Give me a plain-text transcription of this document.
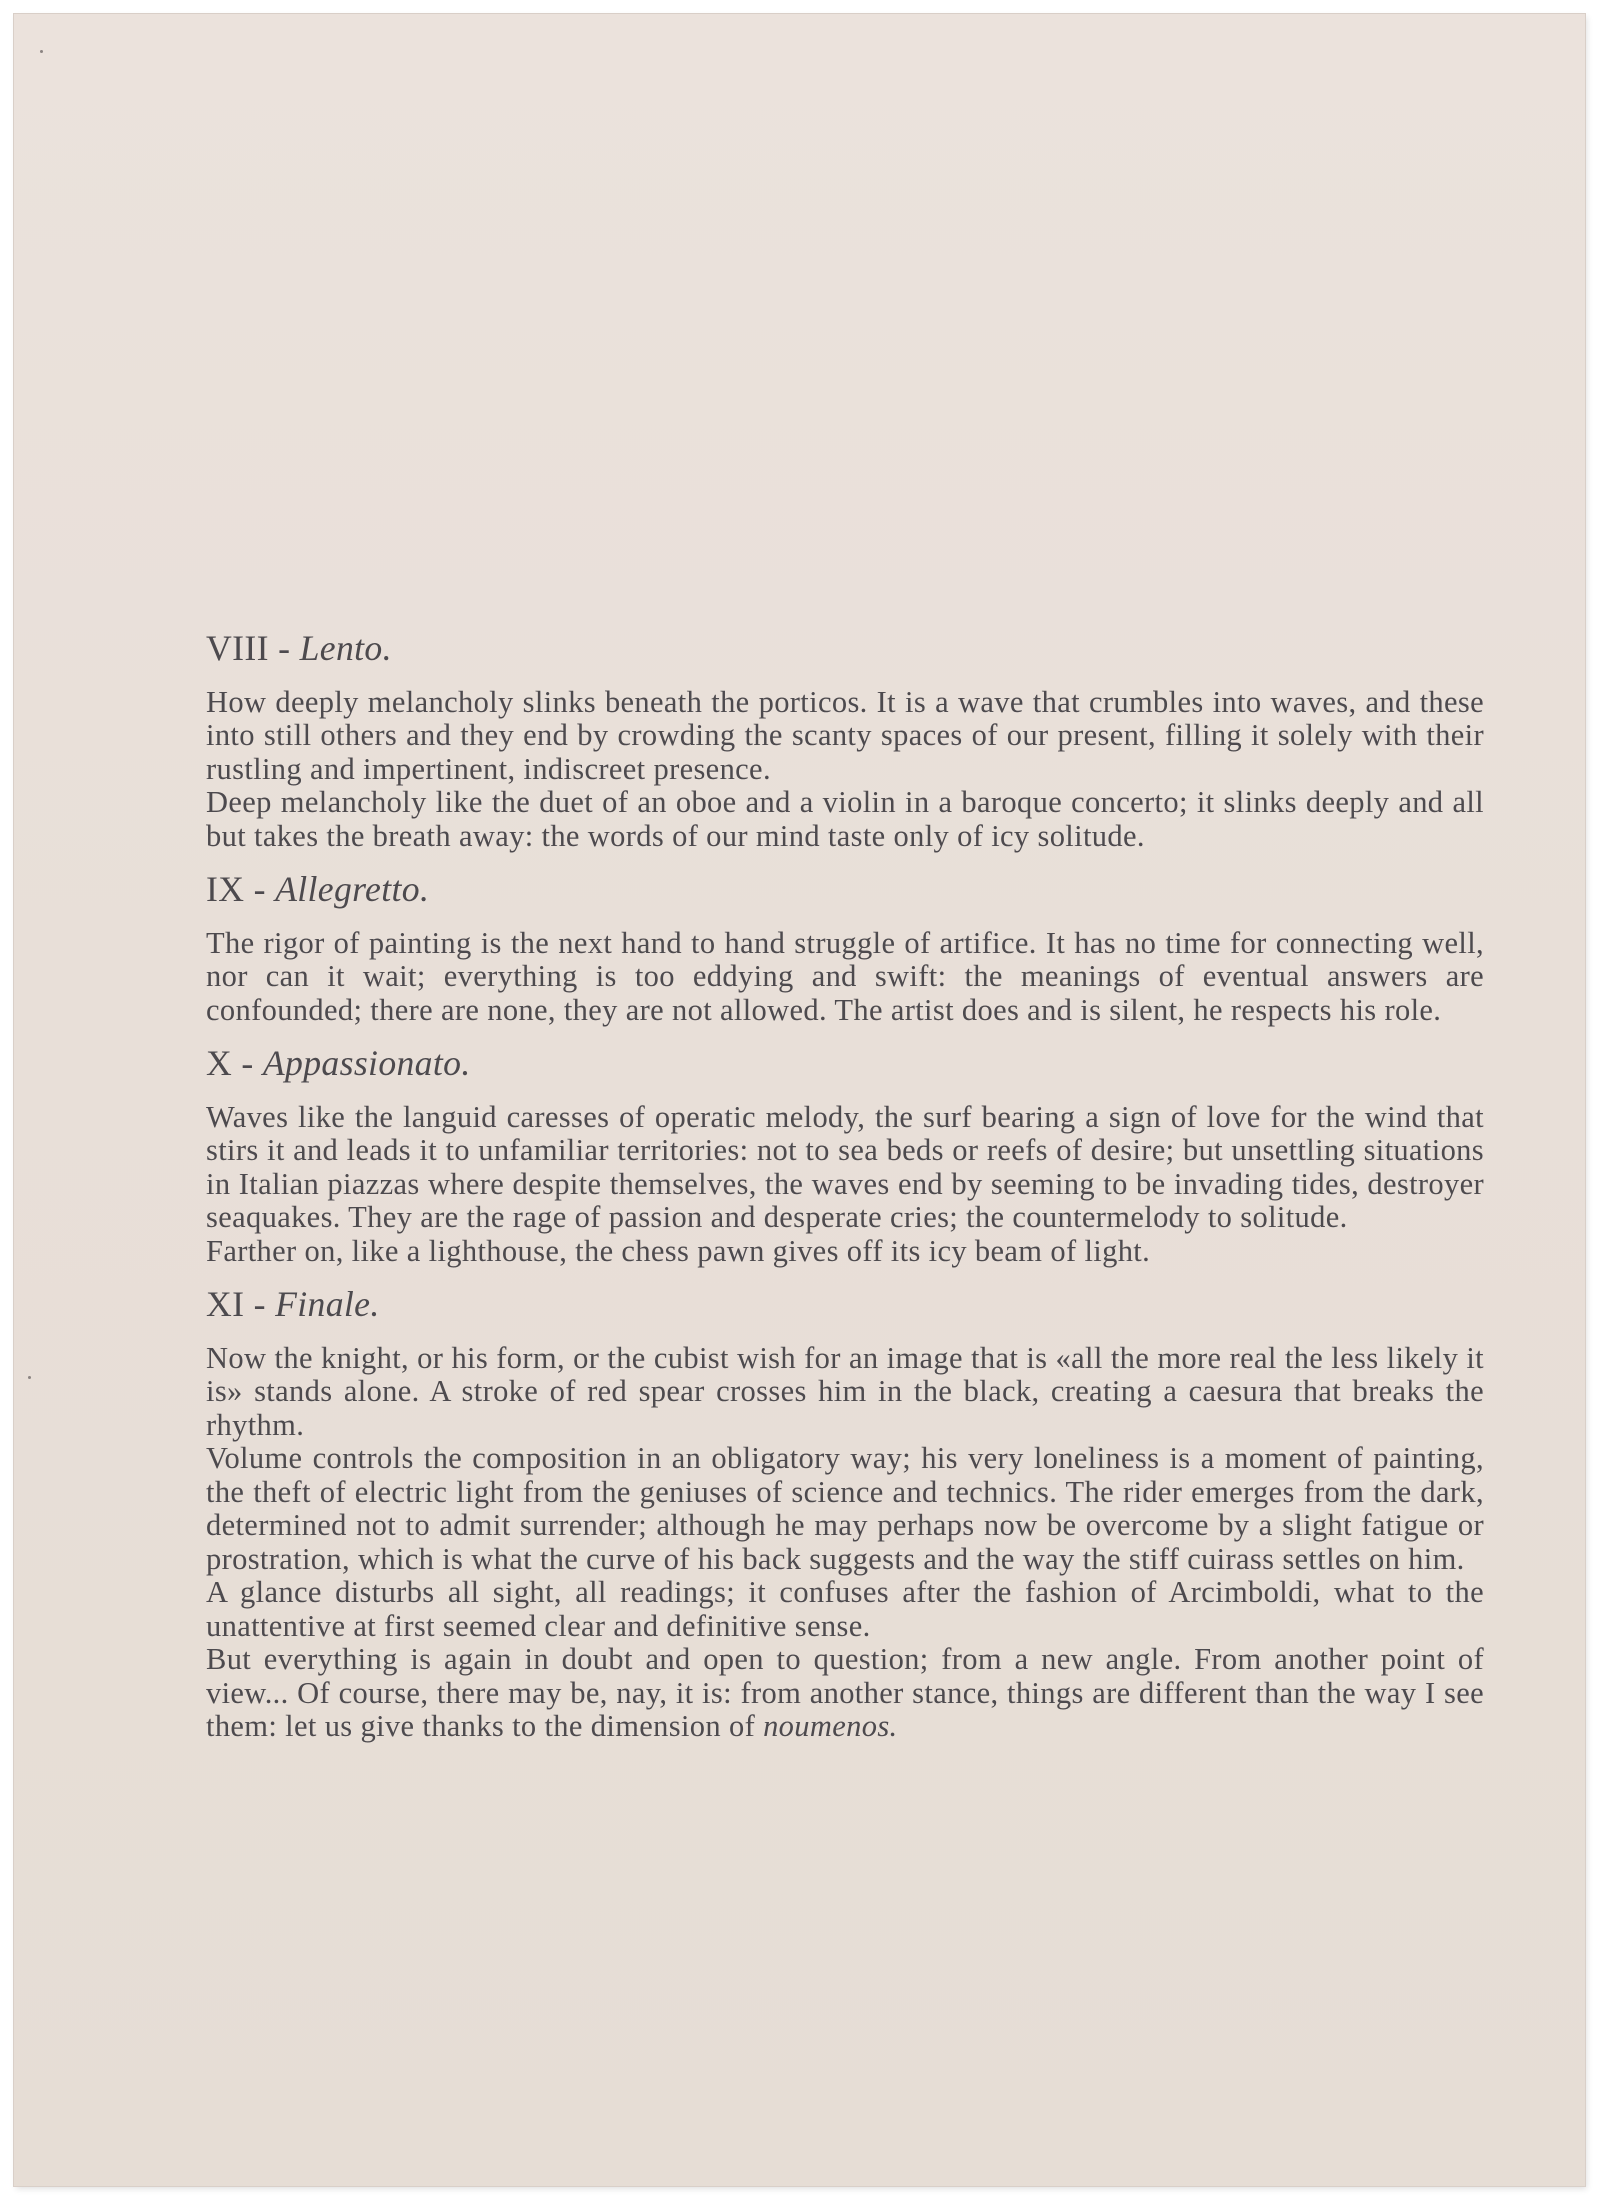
VIII - Lento.

How deeply melancholy slinks beneath the porticos. It is a wave that crumbles into waves, and these into still others and they end by crowding the scanty spaces of our present, filling it solely with their rustling and impertinent, indiscreet presence.

Deep melancholy like the duet of an oboe and a violin in a baroque concerto; it slinks deeply and all but takes the breath away: the words of our mind taste only of icy solitude.

IX - Allegretto.

The rigor of painting is the next hand to hand struggle of artifice. It has no time for connecting well, nor can it wait; everything is too eddying and swift: the meanings of eventual answers are confounded; there are none, they are not allowed. The artist does and is silent, he respects his role.

X - Appassionato.

Waves like the languid caresses of operatic melody, the surf bearing a sign of love for the wind that stirs it and leads it to unfamiliar territories: not to sea beds or reefs of desire; but unsettling situations in Italian piazzas where despite themselves, the waves end by seeming to be invading tides, destroyer seaquakes. They are the rage of passion and desperate cries; the countermelody to solitude.

Farther on, like a lighthouse, the chess pawn gives off its icy beam of light.

XI - Finale.

Now the knight, or his form, or the cubist wish for an image that is «all the more real the less likely it is» stands alone. A stroke of red spear crosses him in the black, creating a caesura that breaks the rhythm.

Volume controls the composition in an obligatory way; his very loneliness is a moment of painting, the theft of electric light from the geniuses of science and technics. The rider emerges from the dark, determined not to admit surrender; although he may perhaps now be overcome by a slight fatigue or prostration, which is what the curve of his back suggests and the way the stiff cuirass settles on him.

A glance disturbs all sight, all readings; it confuses after the fashion of Arcimboldi, what to the unattentive at first seemed clear and definitive sense.

But everything is again in doubt and open to question; from a new angle. From another point of view... Of course, there may be, nay, it is: from another stance, things are different than the way I see them: let us give thanks to the dimension of noumenos.
